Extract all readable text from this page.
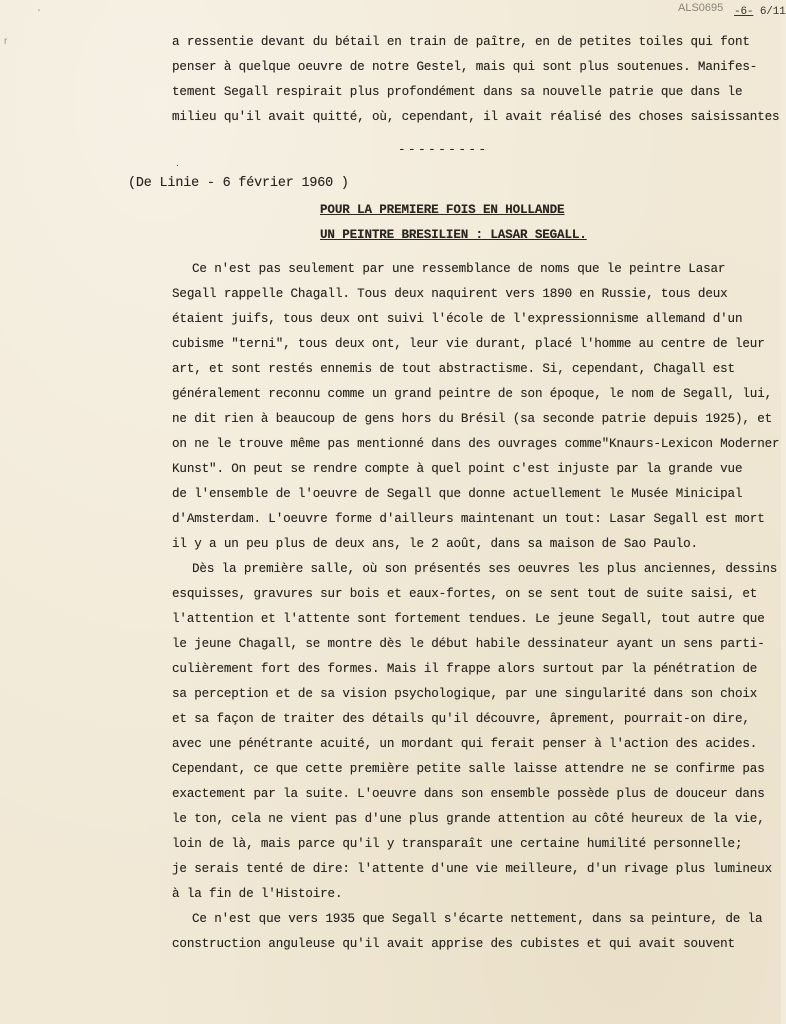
ALS0695 -6- 6/11
'
r	a ressentie devant du bétail en train de paître, en de petites toiles qui font
penser à quelque oeuvre de notre Gestel, mais qui sont plus soutenues. Manifes-
tement Segall respirait plus profondément dans sa nouvelle patrie que dans le
milieu qu'il avait quitté, où, cependant, il avait réalisé des choses saisissantes
---------
.
(De Linie - 6 février 1960 )
POUR LA PREMIERE FOIS EN HOLLANDE
UN PEINTRE BRESILIEN : LASAR SEGALL.
Ce n'est pas seulement par une ressemblance de noms que le peintre Lasar
Segall rappelle Chagall. Tous deux naquirent vers 1890 en Russie, tous deux
étaient juifs, tous deux ont suivi l'école de l'expressionnisme allemand d'un
cubisme "terni", tous deux ont, leur vie durant, placé l'homme au centre de leur
art, et sont restés ennemis de tout abstractisme. Si, cependant, Chagall est
généralement reconnu comme un grand peintre de son époque, le nom de Segall, lui,
ne dit rien à beaucoup de gens hors du Brésil (sa seconde patrie depuis 1925), et
on ne le trouve même pas mentionné dans des ouvrages comme"Knaurs-Lexicon Moderner
Kunst". On peut se rendre compte à quel point c'est injuste par la grande vue
de l'ensemble de l'oeuvre de Segall que donne actuellement le Musée Minicipal
d'Amsterdam. L'oeuvre forme d'ailleurs maintenant un tout: Lasar Segall est mort
il y a un peu plus de deux ans, le 2 août, dans sa maison de Sao Paulo.
Dès la première salle, où son présentés ses oeuvres les plus anciennes, dessins
esquisses, gravures sur bois et eaux-fortes, on se sent tout de suite saisi, et
l'attention et l'attente sont fortement tendues. Le jeune Segall, tout autre que
le jeune Chagall, se montre dès le début habile dessinateur ayant un sens parti-
culièrement fort des formes. Mais il frappe alors surtout par la pénétration de
sa perception et de sa vision psychologique, par une singularité dans son choix
et sa façon de traiter des détails qu'il découvre, âprement, pourrait-on dire,
avec une pénétrante acuité, un mordant qui ferait penser à l'action des acides.
Cependant, ce que cette première petite salle laisse attendre ne se confirme pas
exactement par la suite. L'oeuvre dans son ensemble possède plus de douceur dans
le ton, cela ne vient pas d'une plus grande attention au côté heureux de la vie,
loin de là, mais parce qu'il y transparaît une certaine humilité personnelle;
je serais tenté de dire: l'attente d'une vie meilleure, d'un rivage plus lumineux
à la fin de l'Histoire.
Ce n'est que vers 1935 que Segall s'écarte nettement, dans sa peinture, de la
construction anguleuse qu'il avait apprise des cubistes et qui avait souvent
